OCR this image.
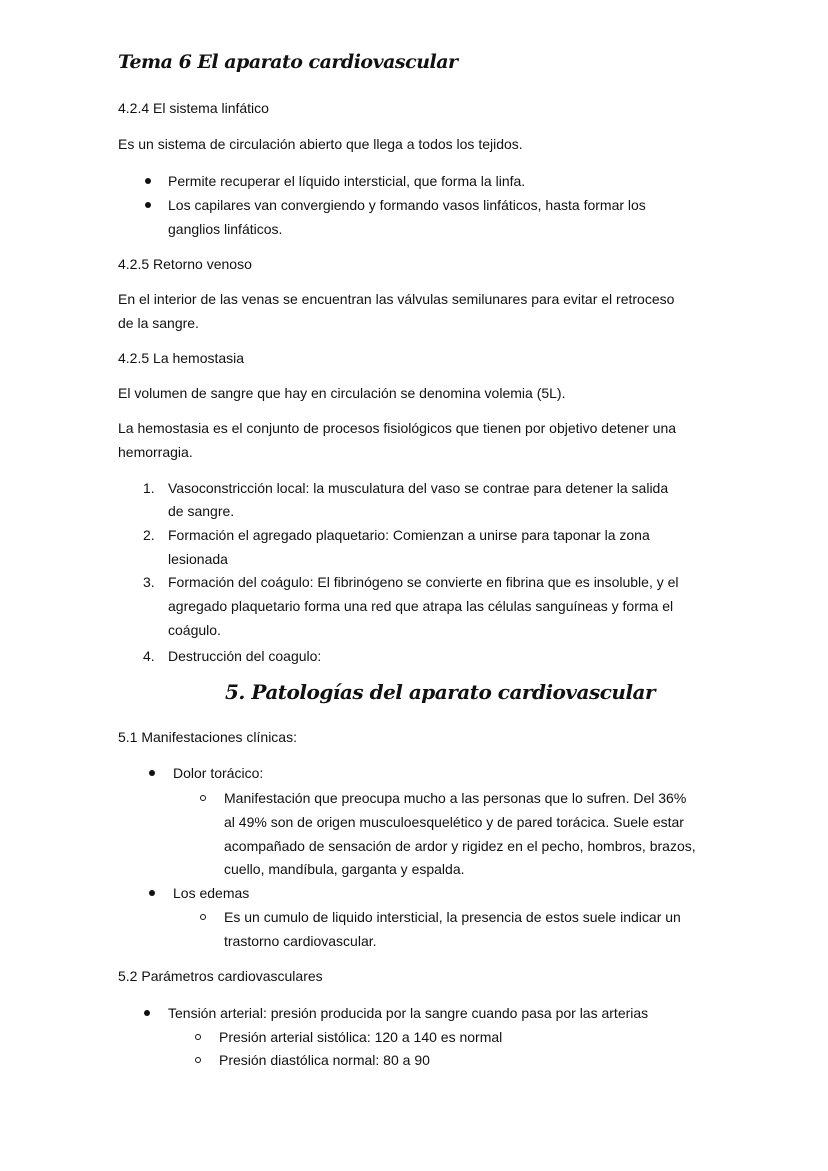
Tema 6 El aparato cardiovascular
4.2.4 El sistema linfático
Es un sistema de circulación abierto que llega a todos los tejidos.
Permite recuperar el líquido intersticial, que forma la linfa.
Los capilares van convergiendo y formando vasos linfáticos, hasta formar los
ganglios linfáticos.
4.2.5 Retorno venoso
En el interior de las venas se encuentran las válvulas semilunares para evitar el retroceso
de la sangre.
4.2.5 La hemostasia
El volumen de sangre que hay en circulación se denomina volemia (5L).
La hemostasia es el conjunto de procesos fisiológicos que tienen por objetivo detener una
hemorragia.
1. Vasoconstricción local: la musculatura del vaso se contrae para detener la salida
de sangre.
2. Formación el agregado plaquetario: Comienzan a unirse para taponar la zona
lesionada
3. Formación del coágulo: El fibrinógeno se convierte en fibrina que es insoluble, y el
agregado plaquetario forma una red que atrapa las células sanguíneas y forma el
coágulo.
4. Destrucción del coagulo:
5. Patologías del aparato cardiovascular
5.1 Manifestaciones clínicas:
Dolor torácico:
Manifestación que preocupa mucho a las personas que lo sufren. Del 36%
al 49% son de origen musculoesquelético y de pared torácica. Suele estar
acompañado de sensación de ardor y rigidez en el pecho, hombros, brazos,
cuello, mandíbula, garganta y espalda.
Los edemas
Es un cumulo de liquido intersticial, la presencia de estos suele indicar un
trastorno cardiovascular.
5.2 Parámetros cardiovasculares
Tensión arterial: presión producida por la sangre cuando pasa por las arterias
Presión arterial sistólica: 120 a 140 es normal
Presión diastólica normal: 80 a 90
